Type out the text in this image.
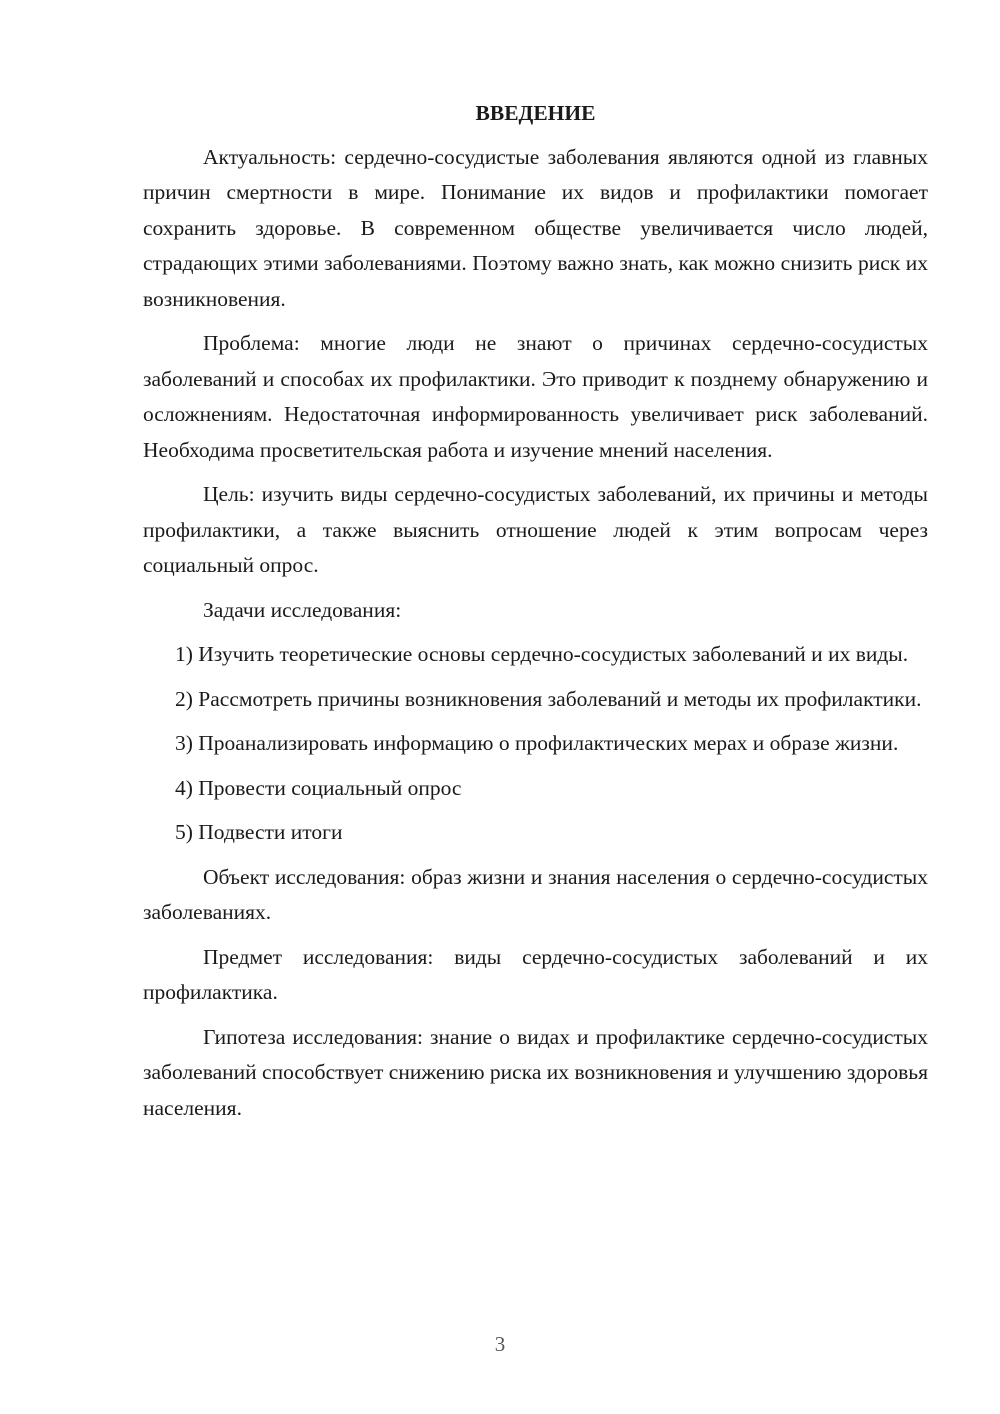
ВВЕДЕНИЕ

Актуальность: сердечно-сосудистые заболевания являются одной из главных причин смертности в мире. Понимание их видов и профилактики помогает сохранить здоровье. В современном обществе увеличивается число людей, страдающих этими заболеваниями. Поэтому важно знать, как можно снизить риск их возникновения.

Проблема: многие люди не знают о причинах сердечно-сосудистых заболеваний и способах их профилактики. Это приводит к позднему обнаружению и осложнениям. Недостаточная информированность увеличивает риск заболеваний. Необходима просветительская работа и изучение мнений населения.

Цель: изучить виды сердечно-сосудистых заболеваний, их причины и методы профилактики, а также выяснить отношение людей к этим вопросам через социальный опрос.

Задачи исследования:

1) Изучить теоретические основы сердечно-сосудистых заболеваний и их виды.

2) Рассмотреть причины возникновения заболеваний и методы их профилактики.

3) Проанализировать информацию о профилактических мерах и образе жизни.

4) Провести социальный опрос

5) Подвести итоги

Объект исследования: образ жизни и знания населения о сердечно-сосудистых заболеваниях.

Предмет исследования: виды сердечно-сосудистых заболеваний и их профилактика.

Гипотеза исследования: знание о видах и профилактике сердечно-сосудистых заболеваний способствует снижению риска их возникновения и улучшению здоровья населения.

3
